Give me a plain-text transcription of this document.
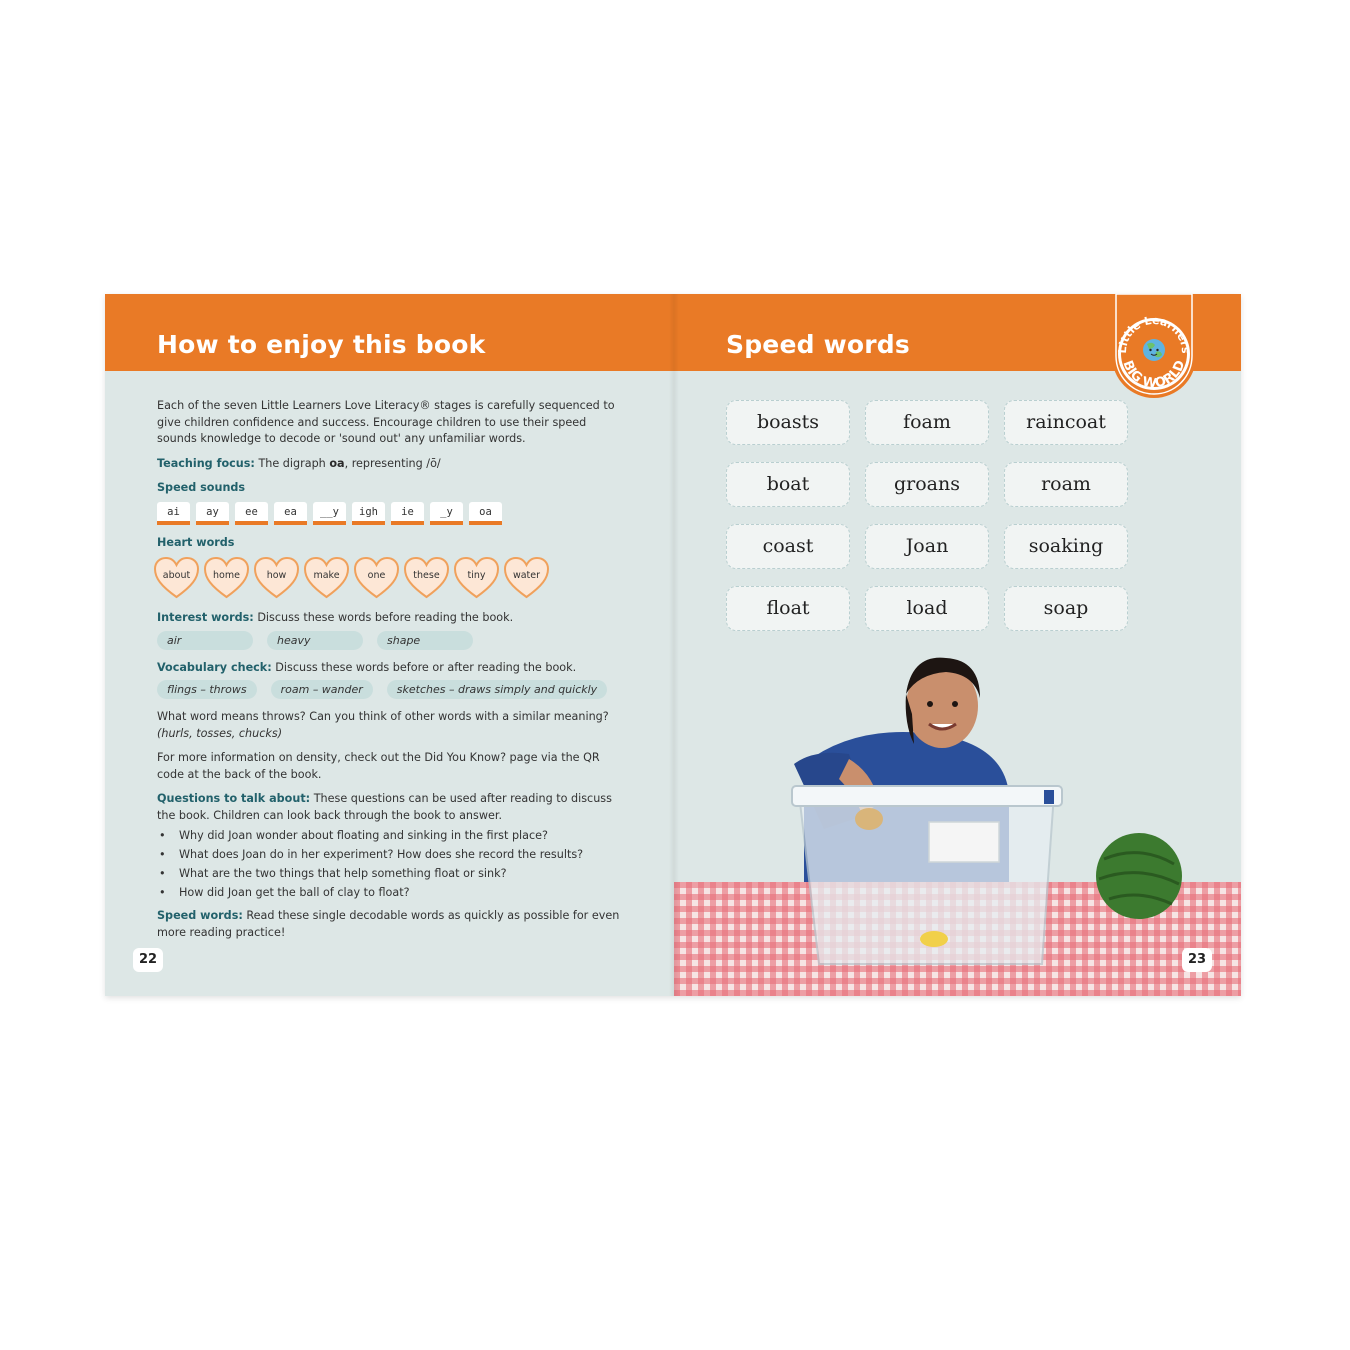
How to enjoy this book
Each of the seven Little Learners Love Literacy® stages is carefully sequenced to give children confidence and success. Encourage children to use their speed sounds knowledge to decode or 'sound out' any unfamiliar words.
Teaching focus: The digraph oa, representing /ō/
Speed sounds
ai	ay	ee	ea	__y	igh	ie	_y	oa
Heart words
about	home	how	make	one	these	tiny	water
Interest words: Discuss these words before reading the book.
air	heavy	shape
Vocabulary check: Discuss these words before or after reading the book.
flings – throws	roam – wander	sketches – draws simply and quickly
What word means throws? Can you think of other words with a similar meaning? (hurls, tosses, chucks)
For more information on density, check out the Did You Know? page via the QR code at the back of the book.
Questions to talk about: These questions can be used after reading to discuss the book. Children can look back through the book to answer.
• Why did Joan wonder about floating and sinking in the first place?
• What does Joan do in her experiment? How does she record the results?
• What are the two things that help something float or sink?
• How did Joan get the ball of clay to float?
Speed words: Read these single decodable words as quickly as possible for even more reading practice!
22
Speed words	Little Learners
BIG WORLD
boasts	foam	raincoat
boat	groans	roam
coast	Joan	soaking
float	load	soap
23
